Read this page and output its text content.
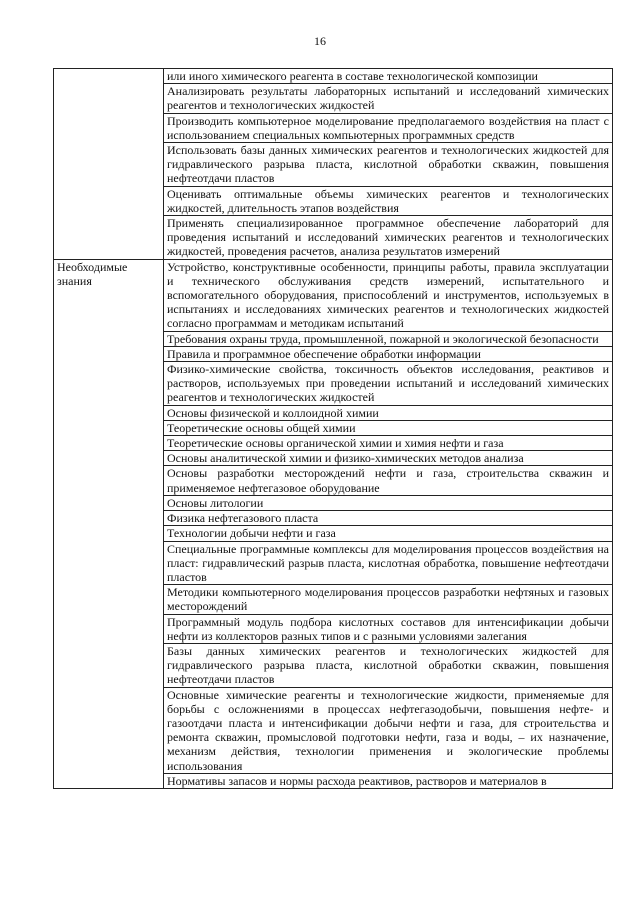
16
	или иного химического реагента в составе технологической композиции
	Анализировать результаты лабораторных испытаний и исследований химических реагентов и технологических жидкостей
	Производить компьютерное моделирование предполагаемого воздействия на пласт с использованием специальных компьютерных программных средств
	Использовать базы данных химических реагентов и технологических жидкостей для гидравлического разрыва пласта, кислотной обработки скважин, повышения нефтеотдачи пластов
	Оценивать оптимальные объемы химических реагентов и технологических жидкостей, длительность этапов воздействия
	Применять специализированное программное обеспечение лабораторий для проведения испытаний и исследований химических реагентов и технологических жидкостей, проведения расчетов, анализа результатов измерений
Необходимые знания	Устройство, конструктивные особенности, принципы работы, правила эксплуатации и технического обслуживания средств измерений, испытательного и вспомогательного оборудования, приспособлений и инструментов, используемых в испытаниях и исследованиях химических реагентов и технологических жидкостей согласно программам и методикам испытаний
	Требования охраны труда, промышленной, пожарной и экологической безопасности
	Правила и программное обеспечение обработки информации
	Физико-химические свойства, токсичность объектов исследования, реактивов и растворов, используемых при проведении испытаний и исследований химических реагентов и технологических жидкостей
	Основы физической и коллоидной химии
	Теоретические основы общей химии
	Теоретические основы органической химии и химия нефти и газа
	Основы аналитической химии и физико-химических методов анализа
	Основы разработки месторождений нефти и газа, строительства скважин и применяемое нефтегазовое оборудование
	Основы литологии
	Физика нефтегазового пласта
	Технологии добычи нефти и газа
	Специальные программные комплексы для моделирования процессов воздействия на пласт: гидравлический разрыв пласта, кислотная обработка, повышение нефтеотдачи пластов
	Методики компьютерного моделирования процессов разработки нефтяных и газовых месторождений
	Программный модуль подбора кислотных составов для интенсификации добычи нефти из коллекторов разных типов и с разными условиями залегания
	Базы данных химических реагентов и технологических жидкостей для гидравлического разрыва пласта, кислотной обработки скважин, повышения нефтеотдачи пластов
	Основные химические реагенты и технологические жидкости, применяемые для борьбы с осложнениями в процессах нефтегазодобычи, повышения нефте- и газоотдачи пласта и интенсификации добычи нефти и газа, для строительства и ремонта скважин, промысловой подготовки нефти, газа и воды, – их назначение, механизм действия, технологии применения и экологические проблемы использования
	Нормативы запасов и нормы расхода реактивов, растворов и материалов в
